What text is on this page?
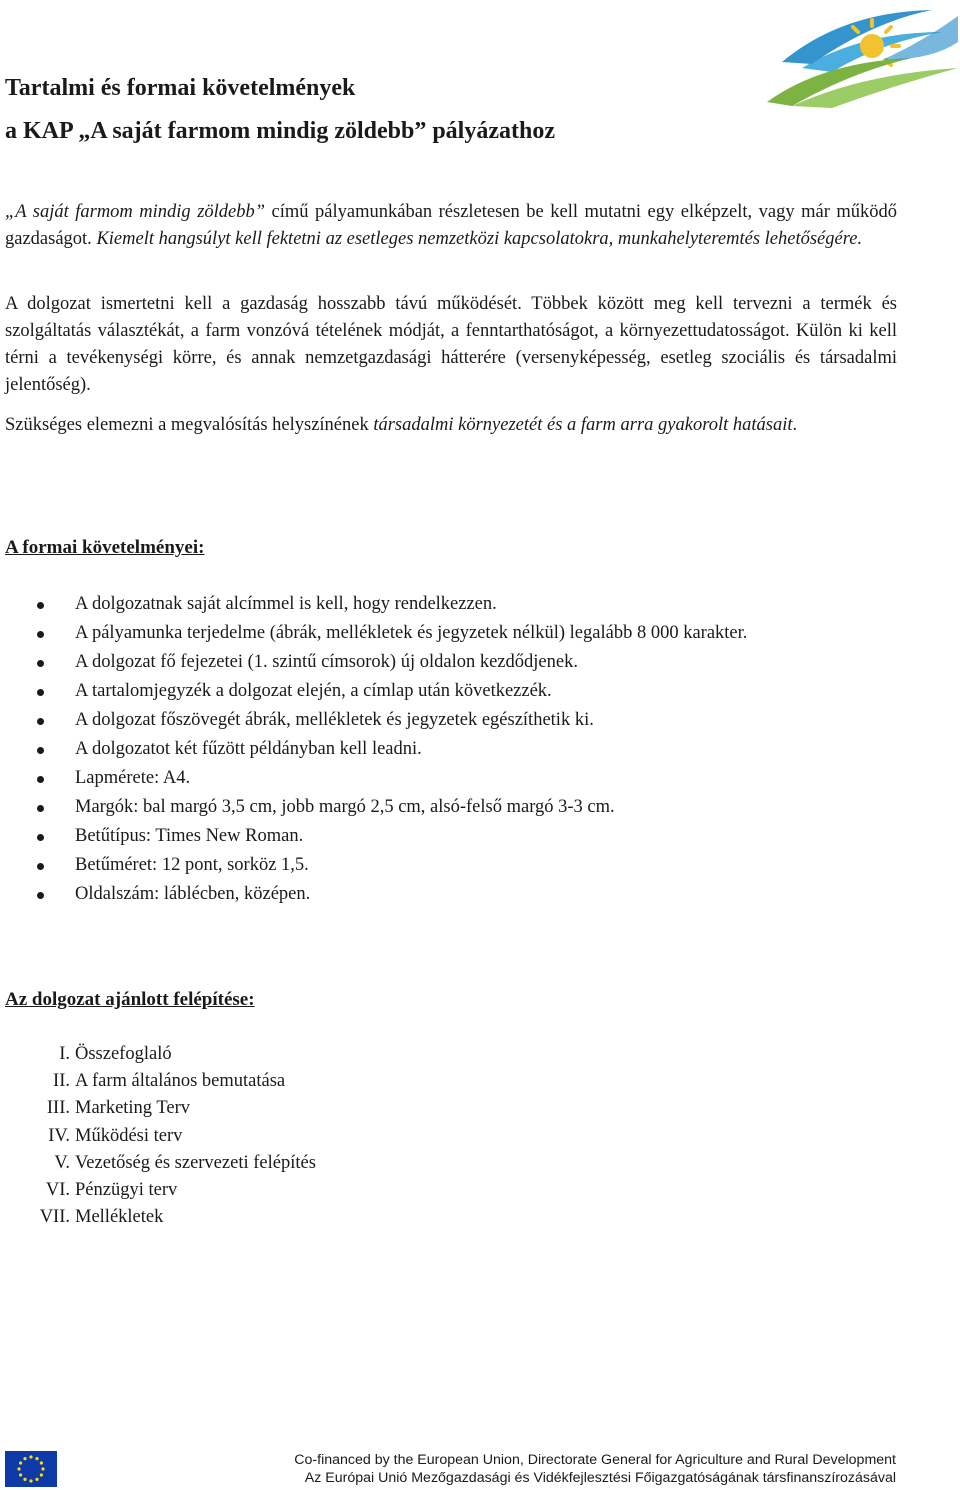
Tartalmi és formai követelmények
a KAP „A saját farmom mindig zöldebb” pályázathoz

„A saját farmom mindig zöldebb” című pályamunkában részletesen be kell mutatni egy elképzelt, vagy már működő gazdaságot. Kiemelt hangsúlyt kell fektetni az esetleges nemzetközi kapcsolatokra, munkahelyteremtés lehetőségére.

A dolgozat ismertetni kell a gazdaság hosszabb távú működését. Többek között meg kell tervezni a termék és szolgáltatás választékát, a farm vonzóvá tételének módját, a fenntarthatóságot, a környezettudatosságot. Külön ki kell térni a tevékenységi körre, és annak nemzetgazdasági hátterére (versenyképesség, esetleg szociális és társadalmi jelentőség).

Szükséges elemezni a megvalósítás helyszínének társadalmi környezetét és a farm arra gyakorolt hatásait.

A formai követelményei:
A dolgozatnak saját alcímmel is kell, hogy rendelkezzen.
A pályamunka terjedelme (ábrák, mellékletek és jegyzetek nélkül) legalább 8 000 karakter.
A dolgozat fő fejezetei (1. szintű címsorok) új oldalon kezdődjenek.
A tartalomjegyzék a dolgozat elején, a címlap után következzék.
A dolgozat főszövegét ábrák, mellékletek és jegyzetek egészíthetik ki.
A dolgozatot két fűzött példányban kell leadni.
Lapmérete: A4.
Margók: bal margó 3,5 cm, jobb margó 2,5 cm, alsó-felső margó 3-3 cm.
Betűtípus: Times New Roman.
Betűméret: 12 pont, sorköz 1,5.
Oldalszám: láblécben, középen.
Az dolgozat ajánlott felépítése:
I. Összefoglaló
II. A farm általános bemutatása
III. Marketing Terv
IV. Működési terv
V. Vezetőség és szervezeti felépítés
VI. Pénzügyi terv
VII. Mellékletek
Co-financed by the European Union, Directorate General for Agriculture and Rural Development
Az Európai Unió Mezőgazdasági és Vidékfejlesztési Főigazgatóságának társfinanszírozásával
